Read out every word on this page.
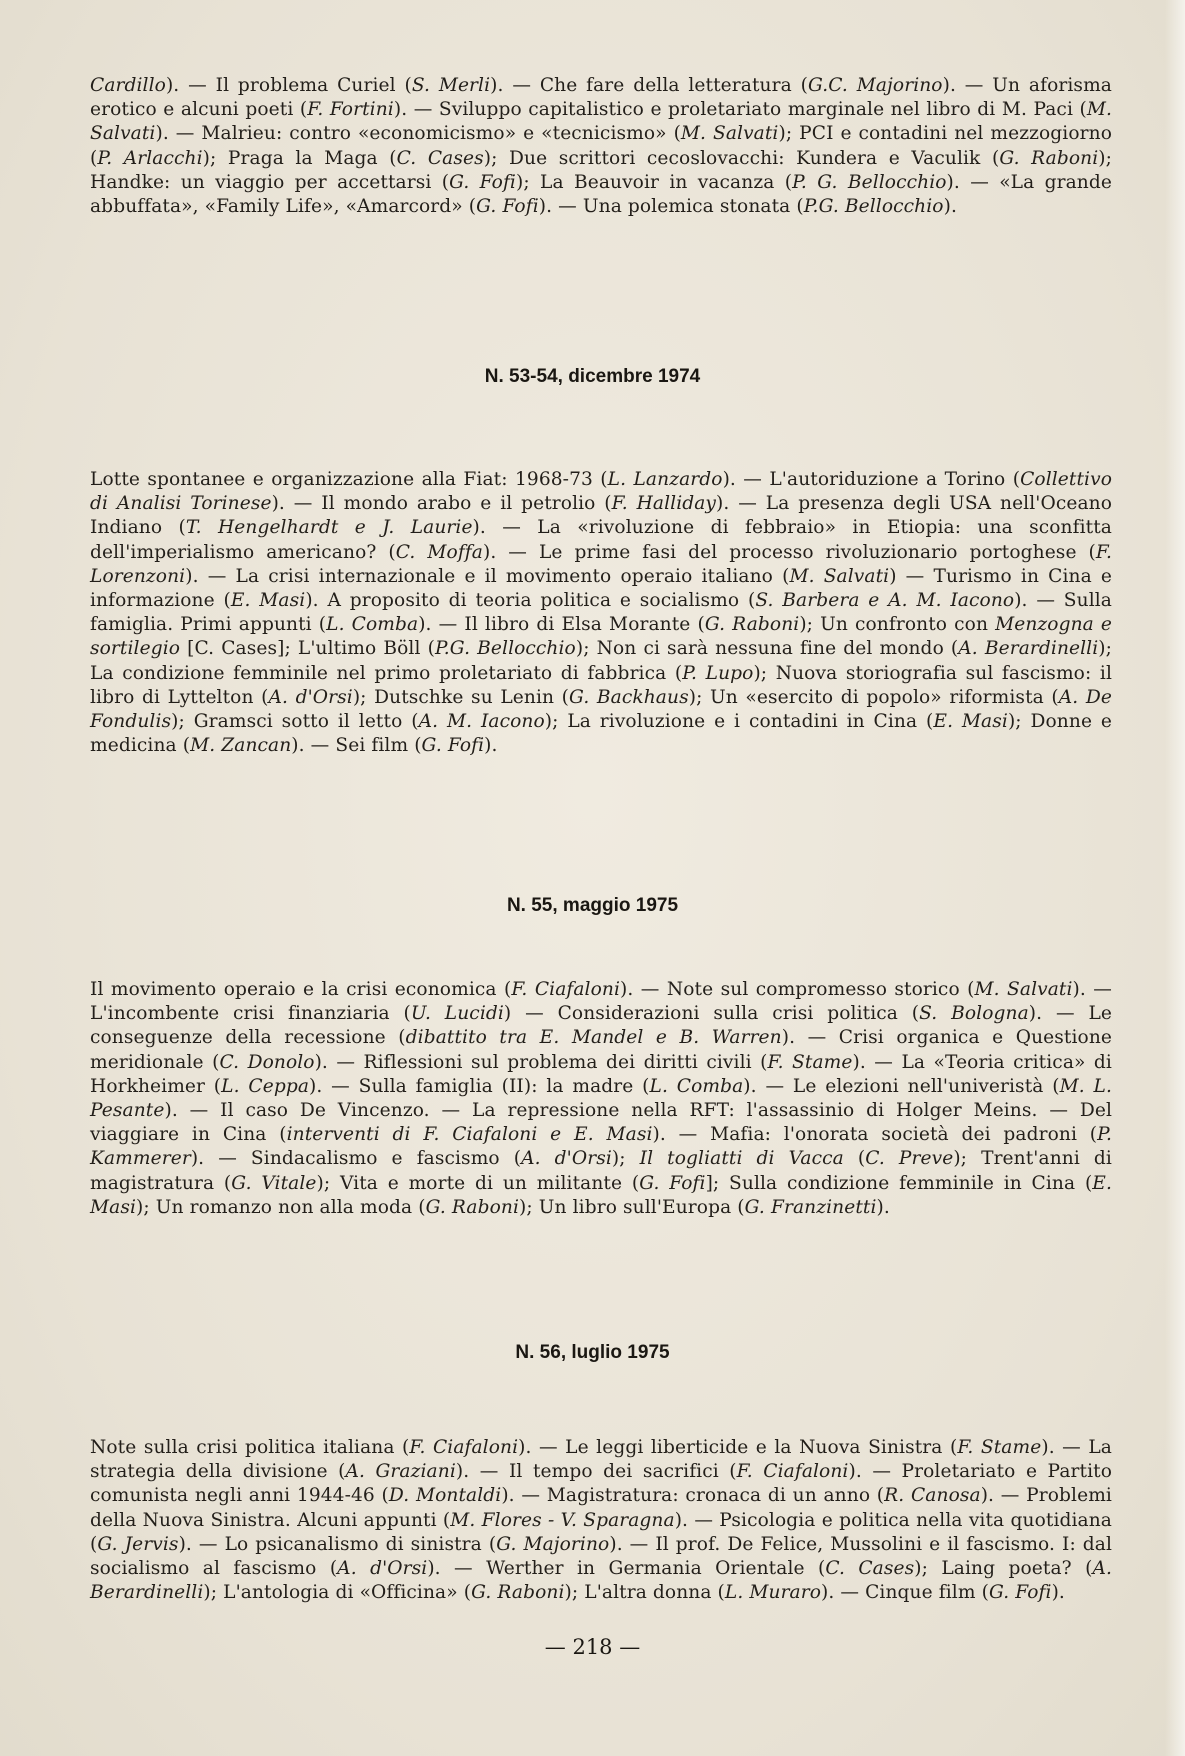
Cardillo). — Il problema Curiel (S. Merli). — Che fare della letteratura (G.C. Majorino). — Un aforisma erotico e alcuni poeti (F. Fortini). — Sviluppo capitalistico e proletariato marginale nel libro di M. Paci (M. Salvati). — Malrieu: contro «economicismo» e «tecnicismo» (M. Salvati); PCI e contadini nel mezzogiorno (P. Arlacchi); Praga la Maga (C. Cases); Due scrittori cecoslovacchi: Kundera e Vaculik (G. Raboni); Handke: un viaggio per accettarsi (G. Fofi); La Beauvoir in vacanza (P. G. Bellocchio). — «La grande abbuffata», «Family Life», «Amarcord» (G. Fofi). — Una polemica stonata (P.G. Bellocchio).

N. 53-54, dicembre 1974

Lotte spontanee e organizzazione alla Fiat: 1968-73 (L. Lanzardo). — L'autoriduzione a Torino (Collettivo di Analisi Torinese). — Il mondo arabo e il petrolio (F. Halliday). — La presenza degli USA nell'Oceano Indiano (T. Hengelhardt e J. Laurie). — La «rivoluzione di febbraio» in Etiopia: una sconfitta dell'imperialismo americano? (C. Moffa). — Le prime fasi del processo rivoluzionario portoghese (F. Lorenzoni). — La crisi internazionale e il movimento operaio italiano (M. Salvati) — Turismo in Cina e informazione (E. Masi). A proposito di teoria politica e socialismo (S. Barbera e A. M. Iacono). — Sulla famiglia. Primi appunti (L. Comba). — Il libro di Elsa Morante (G. Raboni); Un confronto con Menzogna e sortilegio [C. Cases]; L'ultimo Böll (P.G. Bellocchio); Non ci sarà nessuna fine del mondo (A. Berardinelli); La condizione femminile nel primo proletariato di fabbrica (P. Lupo); Nuova storiografia sul fascismo: il libro di Lyttelton (A. d'Orsi); Dutschke su Lenin (G. Backhaus); Un «esercito di popolo» riformista (A. De Fondulis); Gramsci sotto il letto (A. M. Iacono); La rivoluzione e i contadini in Cina (E. Masi); Donne e medicina (M. Zancan). — Sei film (G. Fofi).

N. 55, maggio 1975

Il movimento operaio e la crisi economica (F. Ciafaloni). — Note sul compromesso storico (M. Salvati). — L'incombente crisi finanziaria (U. Lucidi) — Considerazioni sulla crisi politica (S. Bologna). — Le conseguenze della recessione (dibattito tra E. Mandel e B. Warren). — Crisi organica e Questione meridionale (C. Donolo). — Riflessioni sul problema dei diritti civili (F. Stame). — La «Teoria critica» di Horkheimer (L. Ceppa). — Sulla famiglia (II): la madre (L. Comba). — Le elezioni nell'univeristà (M. L. Pesante). — Il caso De Vincenzo. — La repressione nella RFT: l'assassinio di Holger Meins. — Del viaggiare in Cina (interventi di F. Ciafaloni e E. Masi). — Mafia: l'onorata società dei padroni (P. Kammerer). — Sindacalismo e fascismo (A. d'Orsi); Il togliatti di Vacca (C. Preve); Trent'anni di magistratura (G. Vitale); Vita e morte di un militante (G. Fofi]; Sulla condizione femminile in Cina (E. Masi); Un romanzo non alla moda (G. Raboni); Un libro sull'Europa (G. Franzinetti).

N. 56, luglio 1975

Note sulla crisi politica italiana (F. Ciafaloni). — Le leggi liberticide e la Nuova Sinistra (F. Stame). — La strategia della divisione (A. Graziani). — Il tempo dei sacrifici (F. Ciafaloni). — Proletariato e Partito comunista negli anni 1944-46 (D. Montaldi). — Magistratura: cronaca di un anno (R. Canosa). — Problemi della Nuova Sinistra. Alcuni appunti (M. Flores - V. Sparagna). — Psicologia e politica nella vita quotidiana (G. Jervis). — Lo psicanalismo di sinistra (G. Majorino). — Il prof. De Felice, Mussolini e il fascismo. I: dal socialismo al fascismo (A. d'Orsi). — Werther in Germania Orientale (C. Cases); Laing poeta? (A. Berardinelli); L'antologia di «Officina» (G. Raboni); L'altra donna (L. Muraro). — Cinque film (G. Fofi).

— 218 —
